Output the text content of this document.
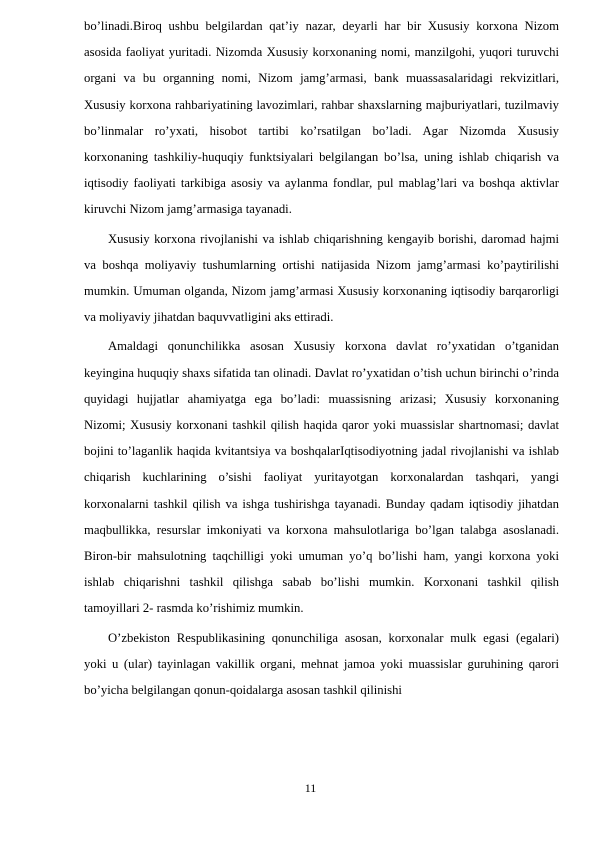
bo’linadi.Biroq ushbu belgilardan qat’iy nazar, deyarli har bir Xususiy korxona Nizom asosida faoliyat yuritadi. Nizomda Xususiy korxonaning nomi, manzilgohi, yuqori turuvchi organi va bu organning nomi, Nizom jamg’armasi, bank muassasalaridagi rekvizitlari, Xususiy korxona rahbariyatining lavozimlari, rahbar shaxslarning majburiyatlari, tuzilmaviy bo’linmalar ro’yxati, hisobot tartibi ko’rsatilgan bo’ladi. Agar Nizomda Xususiy korxonaning tashkiliy-huquqiy funktsiyalari belgilangan bo’lsa, uning ishlab chiqarish va iqtisodiy faoliyati tarkibiga asosiy va aylanma fondlar, pul mablag’lari va boshqa aktivlar kiruvchi Nizom jamg’armasiga tayanadi.

Xususiy korxona rivojlanishi va ishlab chiqarishning kengayib borishi, daromad hajmi va boshqa moliyaviy tushumlarning ortishi natijasida Nizom jamg’armasi ko’paytirilishi mumkin. Umuman olganda, Nizom jamg’armasi Xususiy korxonaning iqtisodiy barqarorligi va moliyaviy jihatdan baquvvatligini aks ettiradi.

Amaldagi qonunchilikka asosan Xususiy korxona davlat ro’yxatidan o’tganidan keyingina huquqiy shaxs sifatida tan olinadi. Davlat ro’yxatidan o’tish uchun birinchi o’rinda quyidagi hujjatlar ahamiyatga ega bo’ladi: muassisning arizasi; Xususiy korxonaning Nizomi; Xususiy korxonani tashkil qilish haqida qaror yoki muassislar shartnomasi; davlat bojini to’laganlik haqida kvitantsiya va boshqalarIqtisodiyotning jadal rivojlanishi va ishlab chiqarish kuchlarining o’sishi faoliyat yuritayotgan korxonalardan tashqari, yangi korxonalarni tashkil qilish va ishga tushirishga tayanadi. Bunday qadam iqtisodiy jihatdan maqbullikka, resurslar imkoniyati va korxona mahsulotlariga bo’lgan talabga asoslanadi. Biron-bir mahsulotning taqchilligi yoki umuman yo’q bo’lishi ham, yangi korxona yoki ishlab chiqarishni tashkil qilishga sabab bo’lishi mumkin. Korxonani tashkil qilish tamoyillari 2- rasmda ko’rishimiz mumkin.

O’zbekiston Respublikasining qonunchiligа asosan, korxonalar mulk egasi (egalari) yoki u (ular) tayinlagan vakillik organi, mehnat jamoa yoki muassislar guruhining qarori bo’yicha belgilangan qonun-qoidalarga asosan tashkil qilinishi

11
